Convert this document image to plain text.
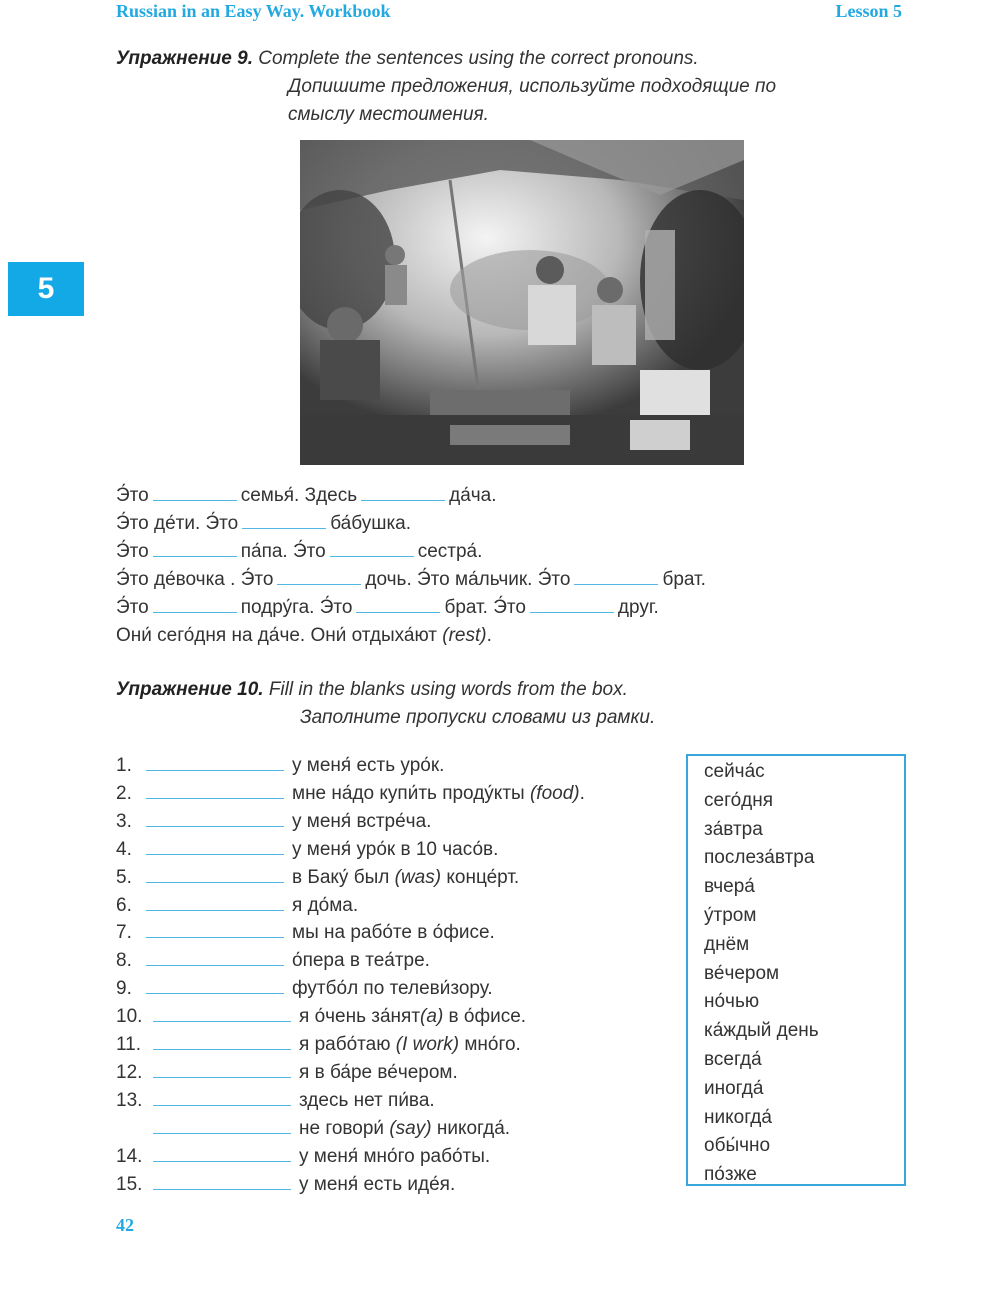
Russian in an Easy Way. Workbook	Lesson 5
5
Упражнение 9. Complete the sentences using the correct pronouns.
Допишите предложения, используйте подходящие по
смыслу местоимения.
Э́то	семья́. Здесь	да́ча.
Э́то де́ти. Э́то	ба́бушка.
Э́то	па́па. Э́то	сестра́.
Э́то де́вочка . Э́то	дочь. Э́то ма́льчик. Э́то	брат.
Э́то	подру́га. Э́то	брат. Э́то	друг.
Они́ сего́дня на да́че. Они́ отдыха́ют (rest).
Упражнение 10. Fill in the blanks using words from the box.
Заполните пропуски словами из рамки.
1.	у меня́ есть уро́к.
2.	мне на́до купи́ть проду́кты (food).
3.	у меня́ встре́ча.
4.	у меня́ уро́к в 10 часо́в.
5.	в Баку́ был (was) конце́рт.
6.	я до́ма.
7.	мы на рабо́те в о́фисе.
8.	о́пера в теа́тре.
9.	футбо́л по телеви́зору.
10.	я о́чень за́нят(а) в о́фисе.
11.	я рабо́таю (I work) мно́го.
12.	я в ба́ре ве́чером.
13.	здесь нет пи́ва.
не говори́ (say) никогда́.
14.	у меня́ мно́го рабо́ты.
15.	у меня́ есть иде́я.
сейча́с
сего́дня
за́втра
послеза́втра
вчера́
у́тром
днём
ве́чером
но́чью
ка́ждый день
всегда́
иногда́
никогда́
обы́чно
по́зже
42
